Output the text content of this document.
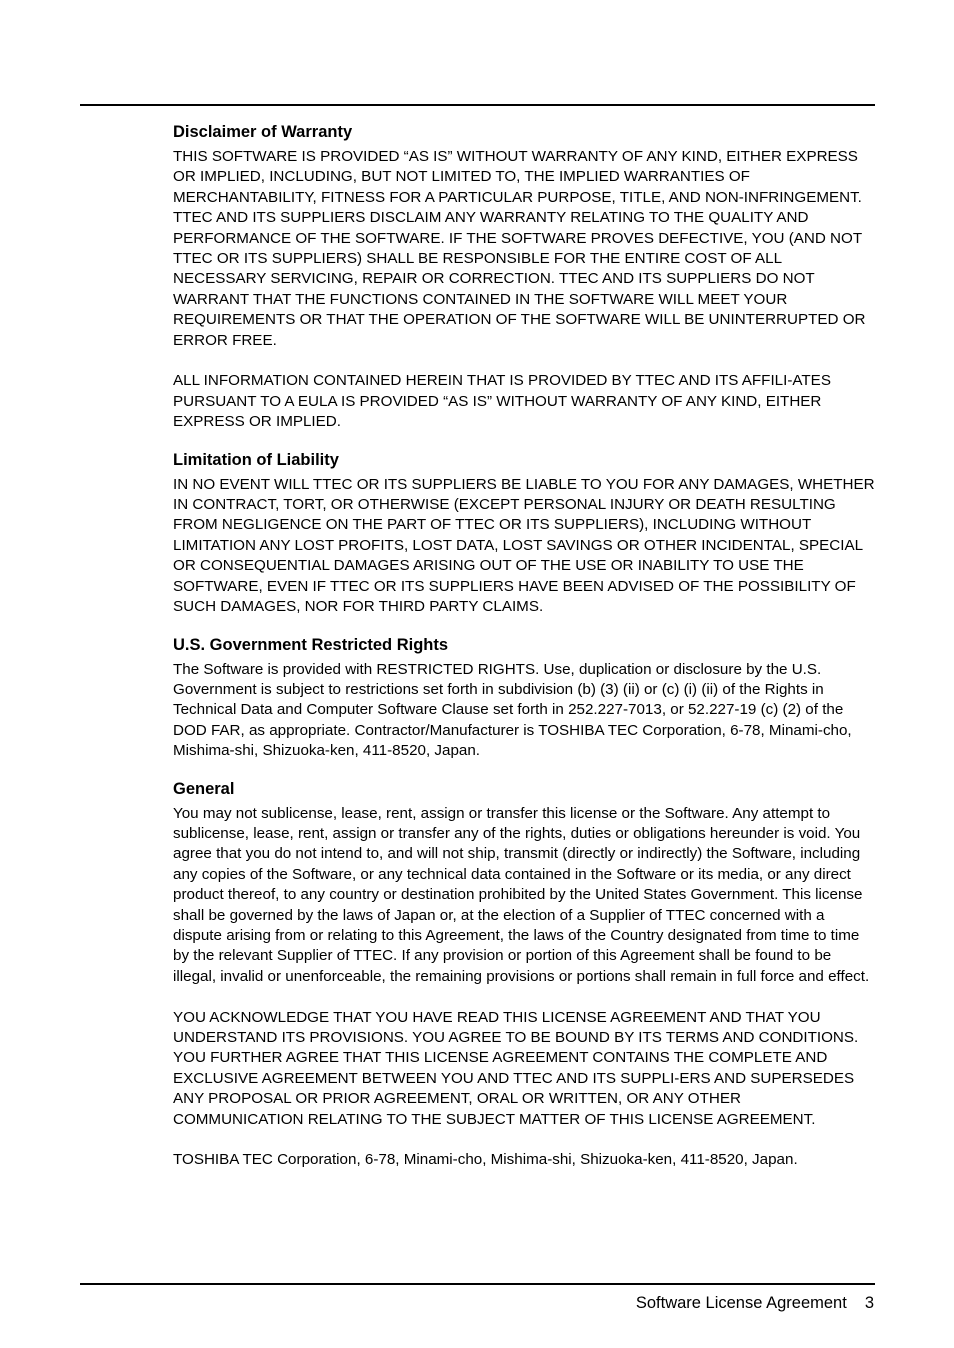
Disclaimer of Warranty

THIS SOFTWARE IS PROVIDED “AS IS” WITHOUT WARRANTY OF ANY KIND, EITHER EXPRESS OR IMPLIED, INCLUDING, BUT NOT LIMITED TO, THE IMPLIED WARRANTIES OF MERCHANTABILITY, FITNESS FOR A PARTICULAR PURPOSE, TITLE, AND NON-INFRINGEMENT. TTEC AND ITS SUPPLIERS DISCLAIM ANY WARRANTY RELATING TO THE QUALITY AND PERFORMANCE OF THE SOFTWARE. IF THE SOFTWARE PROVES DEFECTIVE, YOU (AND NOT TTEC OR ITS SUPPLIERS) SHALL BE RESPONSIBLE FOR THE ENTIRE COST OF ALL NECESSARY SERVICING, REPAIR OR CORRECTION. TTEC AND ITS SUPPLIERS DO NOT WARRANT THAT THE FUNCTIONS CONTAINED IN THE SOFTWARE WILL MEET YOUR REQUIREMENTS OR THAT THE OPERATION OF THE SOFTWARE WILL BE UNINTERRUPTED OR ERROR FREE.

ALL INFORMATION CONTAINED HEREIN THAT IS PROVIDED BY TTEC AND ITS AFFILI-ATES PURSUANT TO A EULA IS PROVIDED “AS IS” WITHOUT WARRANTY OF ANY KIND, EITHER EXPRESS OR IMPLIED.

Limitation of Liability

IN NO EVENT WILL TTEC OR ITS SUPPLIERS BE LIABLE TO YOU FOR ANY DAMAGES, WHETHER IN CONTRACT, TORT, OR OTHERWISE (EXCEPT PERSONAL INJURY OR DEATH RESULTING FROM NEGLIGENCE ON THE PART OF TTEC OR ITS SUPPLIERS), INCLUDING WITHOUT LIMITATION ANY LOST PROFITS, LOST DATA, LOST SAVINGS OR OTHER INCIDENTAL, SPECIAL OR CONSEQUENTIAL DAMAGES ARISING OUT OF THE USE OR INABILITY TO USE THE SOFTWARE, EVEN IF TTEC OR ITS SUPPLIERS HAVE BEEN ADVISED OF THE POSSIBILITY OF SUCH DAMAGES, NOR FOR THIRD PARTY CLAIMS.

U.S. Government Restricted Rights

The Software is provided with RESTRICTED RIGHTS. Use, duplication or disclosure by the U.S. Government is subject to restrictions set forth in subdivision (b) (3) (ii) or (c) (i) (ii) of the Rights in Technical Data and Computer Software Clause set forth in 252.227-7013, or 52.227-19 (c) (2) of the DOD FAR, as appropriate. Contractor/Manufacturer is TOSHIBA TEC Corporation, 6-78, Minami-cho, Mishima-shi, Shizuoka-ken, 411-8520, Japan.

General

You may not sublicense, lease, rent, assign or transfer this license or the Software. Any attempt to sublicense, lease, rent, assign or transfer any of the rights, duties or obligations hereunder is void. You agree that you do not intend to, and will not ship, transmit (directly or indirectly) the Software, including any copies of the Software, or any technical data contained in the Software or its media, or any direct product thereof, to any country or destination prohibited by the United States Government. This license shall be governed by the laws of Japan or, at the election of a Supplier of TTEC concerned with a dispute arising from or relating to this Agreement, the laws of the Country designated from time to time by the relevant Supplier of TTEC. If any provision or portion of this Agreement shall be found to be illegal, invalid or unenforceable, the remaining provisions or portions shall remain in full force and effect.

YOU ACKNOWLEDGE THAT YOU HAVE READ THIS LICENSE AGREEMENT AND THAT YOU UNDERSTAND ITS PROVISIONS. YOU AGREE TO BE BOUND BY ITS TERMS AND CONDITIONS. YOU FURTHER AGREE THAT THIS LICENSE AGREEMENT CONTAINS THE COMPLETE AND EXCLUSIVE AGREEMENT BETWEEN YOU AND TTEC AND ITS SUPPLI-ERS AND SUPERSEDES ANY PROPOSAL OR PRIOR AGREEMENT, ORAL OR WRITTEN, OR ANY OTHER COMMUNICATION RELATING TO THE SUBJECT MATTER OF THIS LICENSE AGREEMENT.

TOSHIBA TEC Corporation, 6-78, Minami-cho, Mishima-shi, Shizuoka-ken, 411-8520, Japan.

Software License Agreement 3
